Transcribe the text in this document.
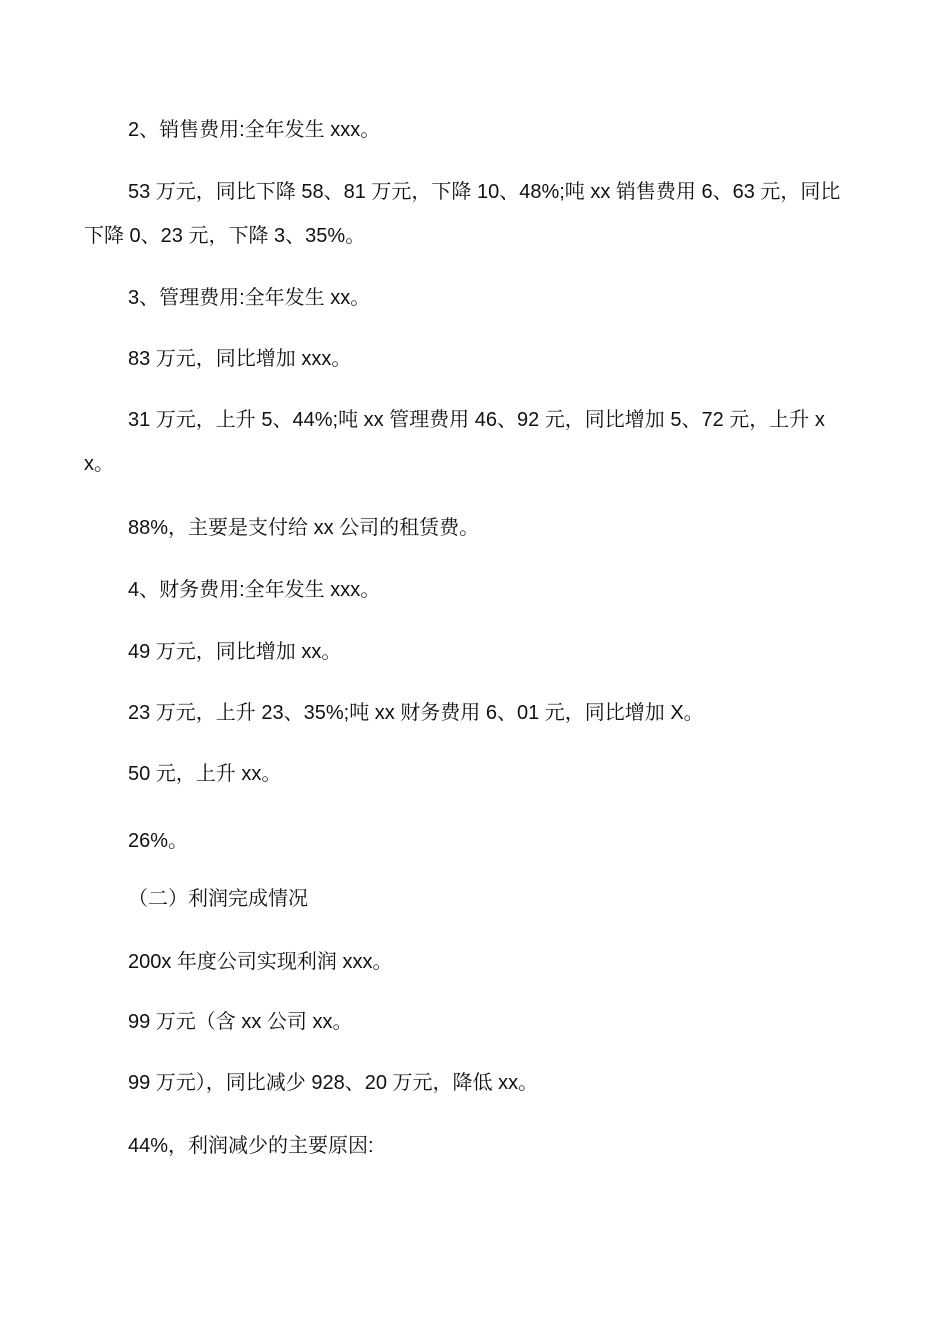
2、销售费用:全年发生 xxx。

53 万元，同比下降 58、81 万元，下降 10、48%;吨 xx 销售费用 6、63 元，同比下降 0、23 元，下降 3、35%。

3、管理费用:全年发生 xx。

83 万元，同比增加 xxx。

31 万元，上升 5、44%;吨 xx 管理费用 46、92 元，同比增加 5、72 元，上升 xx。

88%，主要是支付给 xx 公司的租赁费。

4、财务费用:全年发生 xxx。

49 万元，同比增加 xx。

23 万元，上升 23、35%;吨 xx 财务费用 6、01 元，同比增加 X。

50 元，上升 xx。

26%。

（二）利润完成情况

200x 年度公司实现利润 xxx。

99 万元（含 xx 公司 xx。

99 万元），同比减少 928、20 万元，降低 xx。

44%，利润减少的主要原因:
